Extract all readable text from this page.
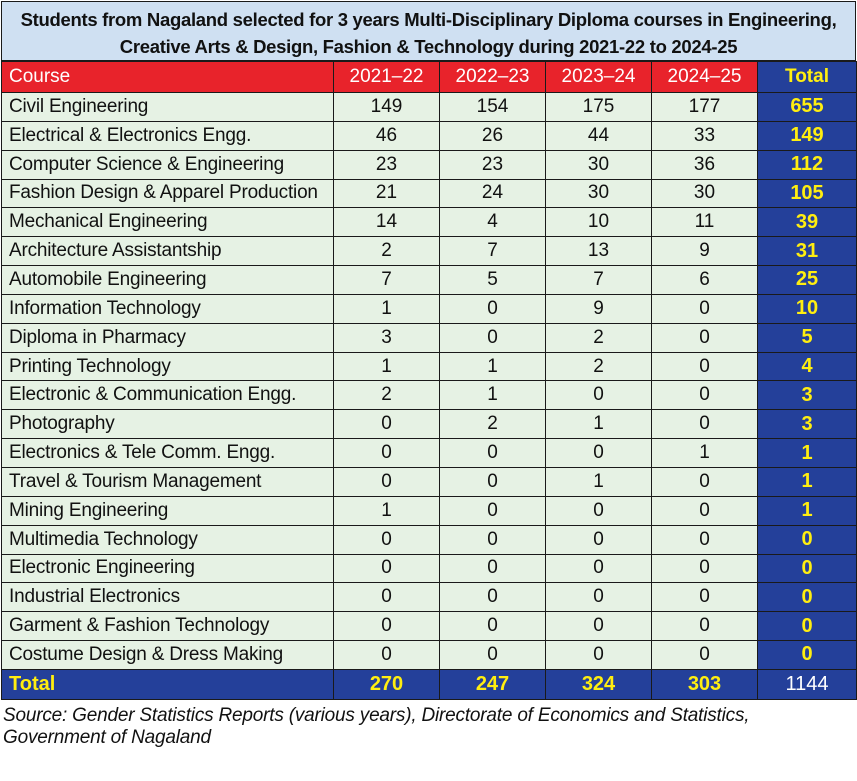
Students from Nagaland selected for 3 years Multi-Disciplinary Diploma courses in Engineering,
Creative Arts & Design, Fashion & Technology during 2021-22 to 2024-25
Course	2021–22	2022–23	2023–24	2024–25	Total
Civil Engineering	149	154	175	177	655
Electrical & Electronics Engg.	46	26	44	33	149
Computer Science & Engineering	23	23	30	36	112
Fashion Design & Apparel Production	21	24	30	30	105
Mechanical Engineering	14	4	10	11	39
Architecture Assistantship	2	7	13	9	31
Automobile Engineering	7	5	7	6	25
Information Technology	1	0	9	0	10
Diploma in Pharmacy	3	0	2	0	5
Printing Technology	1	1	2	0	4
Electronic & Communication Engg.	2	1	0	0	3
Photography	0	2	1	0	3
Electronics & Tele Comm. Engg.	0	0	0	1	1
Travel & Tourism Management	0	0	1	0	1
Mining Engineering	1	0	0	0	1
Multimedia Technology	0	0	0	0	0
Electronic Engineering	0	0	0	0	0
Industrial Electronics	0	0	0	0	0
Garment & Fashion Technology	0	0	0	0	0
Costume Design & Dress Making	0	0	0	0	0
Total	270	247	324	303	1144
Source: Gender Statistics Reports (various years), Directorate of Economics and Statistics,
Government of Nagaland
